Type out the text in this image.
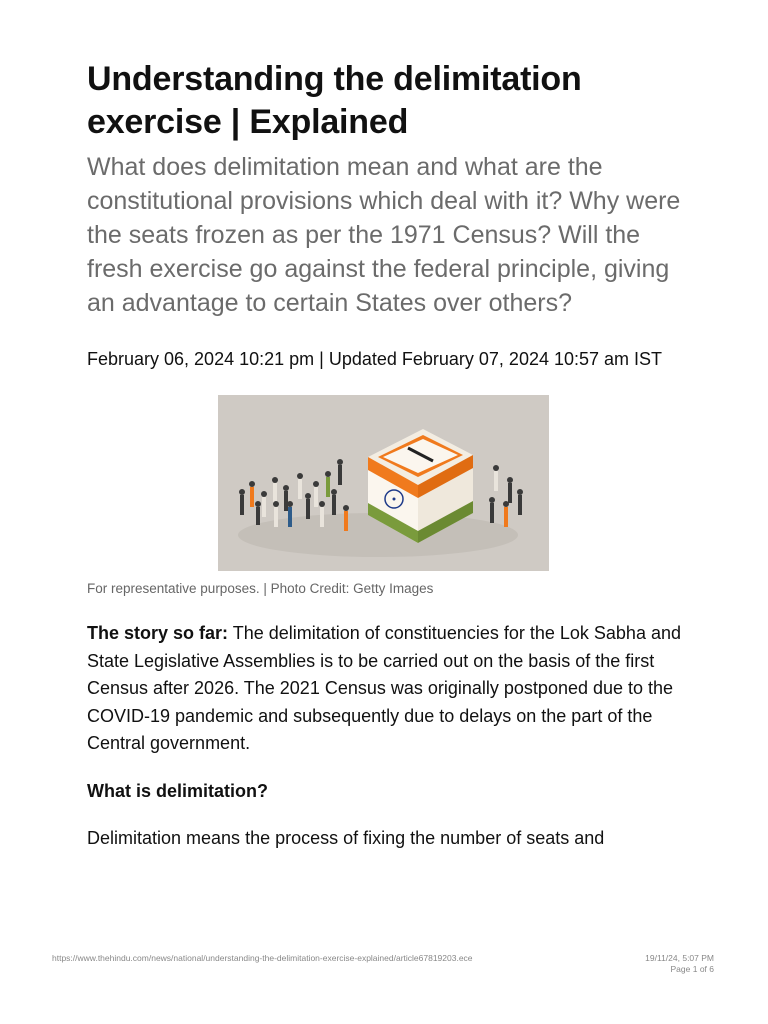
Understanding the delimitation exercise | Explained

What does delimitation mean and what are the constitutional provisions which deal with it? Why were the seats frozen as per the 1971 Census? Will the fresh exercise go against the federal principle, giving an advantage to certain States over others?

February 06, 2024 10:21 pm | Updated February 07, 2024 10:57 am IST

For representative purposes. | Photo Credit: Getty Images

The story so far: The delimitation of constituencies for the Lok Sabha and State Legislative Assemblies is to be carried out on the basis of the first Census after 2026. The 2021 Census was originally postponed due to the COVID-19 pandemic and subsequently due to delays on the part of the Central government.

What is delimitation?

Delimitation means the process of fixing the number of seats and

https://www.thehindu.com/news/national/understanding-the-delimitation-exercise-explained/article67819203.ece	19/11/24, 5:07 PM
Page 1 of 6
